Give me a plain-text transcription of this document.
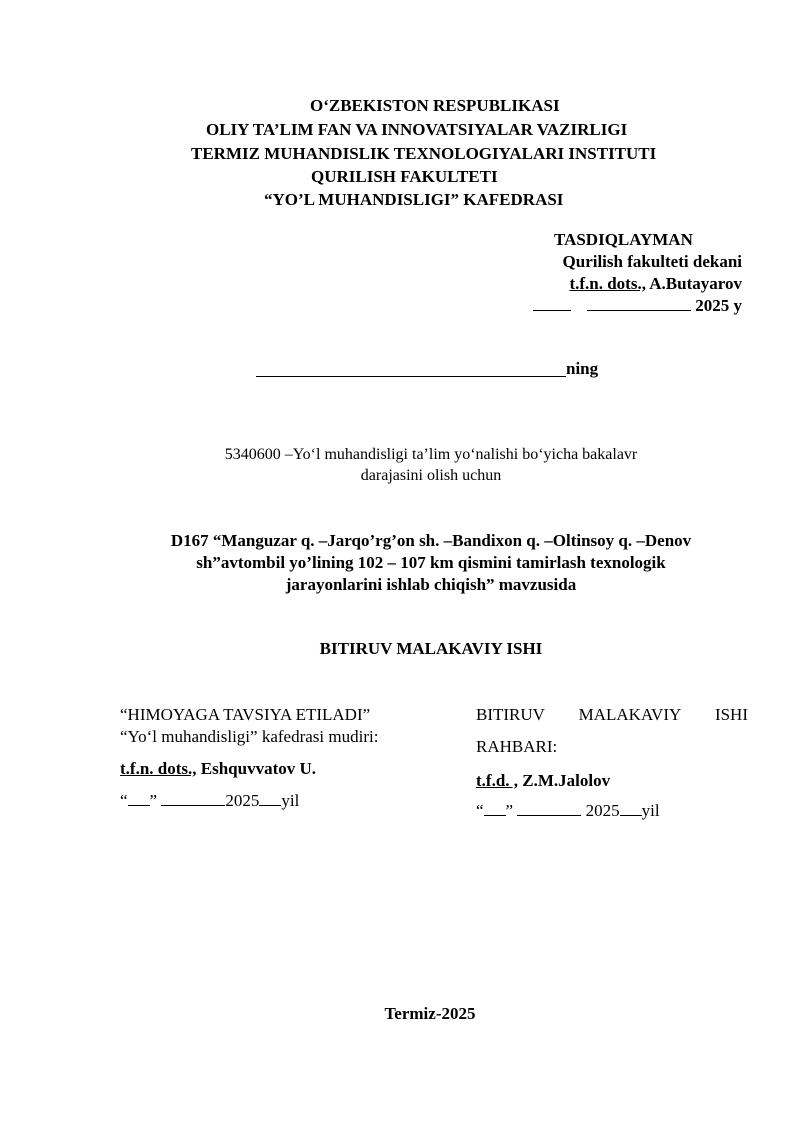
O‘ZBEKISTON RESPUBLIKASI
OLIY TA’LIM FAN VA INNOVATSIYALAR VAZIRLIGI
TERMIZ MUHANDISLIK TEXNOLOGIYALARI INSTITUTI
QURILISH FAKULTETI
“YO’L MUHANDISLIGI” KAFEDRASI
TASDIQLAYMAN
Qurilish fakulteti dekani
t.f.n. dots., A.Butayarov
2025 y
ning
5340600 –Yo‘l muhandisligi ta’lim yo‘nalishi bo‘yicha bakalavr
darajasini olish uchun
D167 “Manguzar q. –Jarqo’rg’on sh. –Bandixon q. –Oltinsoy q. –Denov
sh”avtombil yo’lining 102 – 107 km qismini tamirlash texnologik
jarayonlarini ishlab chiqish” mavzusida
BITIRUV MALAKAVIY ISHI
“HIMOYAGA TAVSIYA ETILADI”
“Yo‘l muhandisligi” kafedrasi mudiri:
t.f.n. dots., Eshquvvatov U.
“ ”	2025 yil
BITIRUV MALAKAVIY ISHI
RAHBARI:
t.f.d. , Z.M.Jalolov
“ ”	2025 yil
Termiz-2025
